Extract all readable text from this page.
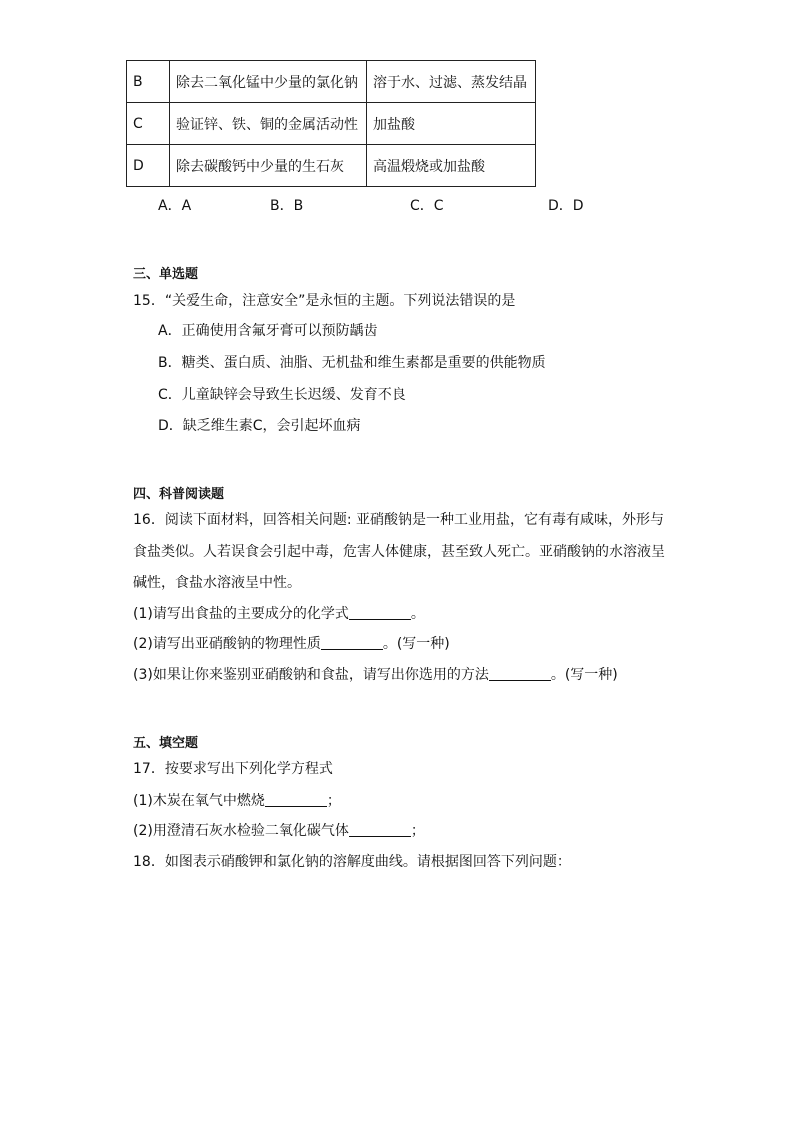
B	除去二氧化锰中少量的氯化钠	溶于水、过滤、蒸发结晶
C	验证锌、铁、铜的金属活动性	加盐酸
D	除去碳酸钙中少量的生石灰	高温煅烧或加盐酸
A．A	B．B	C．C	D．D
三、单选题
15．“关爱生命，注意安全”是永恒的主题。下列说法错误的是
A．正确使用含氟牙膏可以预防龋齿
B．糖类、蛋白质、油脂、无机盐和维生素都是重要的供能物质
C．儿童缺锌会导致生长迟缓、发育不良
D．缺乏维生素C，会引起坏血病
四、科普阅读题
16．阅读下面材料，回答相关问题: 亚硝酸钠是一种工业用盐，它有毒有咸味，外形与
食盐类似。人若误食会引起中毒，危害人体健康，甚至致人死亡。亚硝酸钠的水溶液呈
碱性，食盐水溶液呈中性。
(1)请写出食盐的主要成分的化学式	。
(2)请写出亚硝酸钠的物理性质	。(写一种)
(3)如果让你来鉴别亚硝酸钠和食盐，请写出你选用的方法	。(写一种)
五、填空题
17．按要求写出下列化学方程式
(1)木炭在氧气中燃烧	；
(2)用澄清石灰水检验二氧化碳气体	；
18．如图表示硝酸钾和氯化钠的溶解度曲线。请根据图回答下列问题：
